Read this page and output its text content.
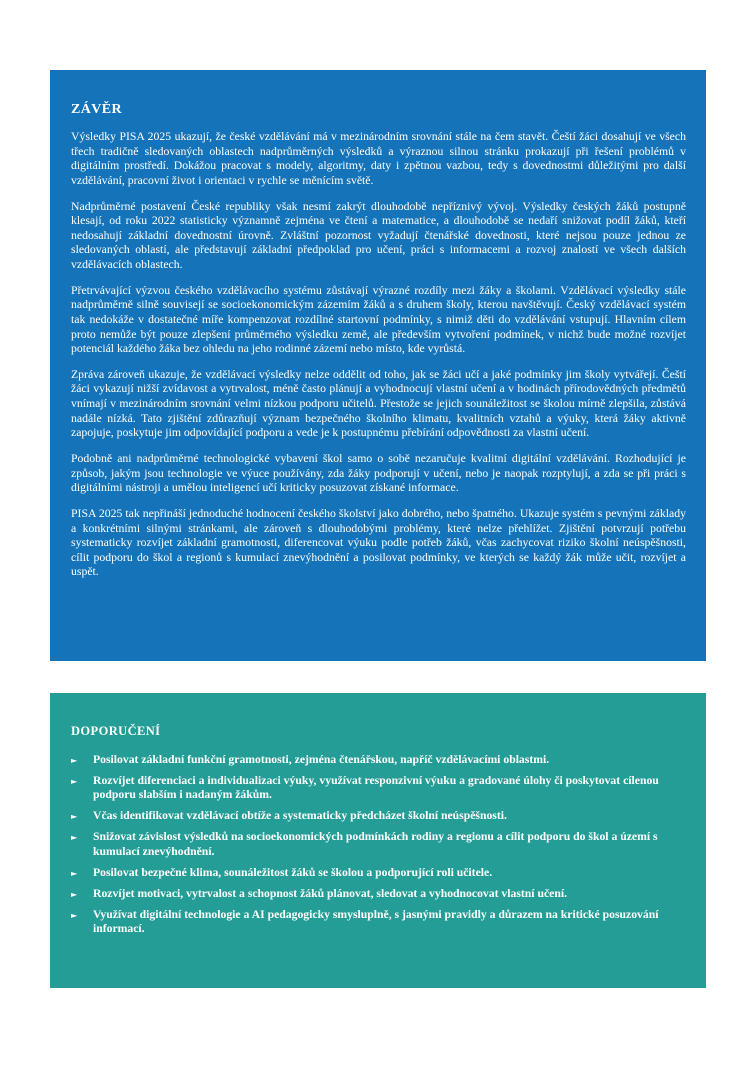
ZÁVĚR

Výsledky PISA 2025 ukazují, že české vzdělávání má v mezinárodním srovnání stále na čem stavět. Čeští žáci dosahují ve všech třech tradičně sledovaných oblastech nadprůměrných výsledků a výraznou silnou stránku prokazují při řešení problémů v digitálním prostředí. Dokážou pracovat s modely, algoritmy, daty i zpětnou vazbou, tedy s dovednostmi důležitými pro další vzdělávání, pracovní život i orientaci v rychle se měnícím světě.

Nadprůměrné postavení České republiky však nesmí zakrýt dlouhodobě nepříznivý vývoj. Výsledky českých žáků postupně klesají, od roku 2022 statisticky významně zejména ve čtení a matematice, a dlouhodobě se nedaří snižovat podíl žáků, kteří nedosahují základní dovednostní úrovně. Zvláštní pozornost vyžadují čtenářské dovednosti, které nejsou pouze jednou ze sledovaných oblastí, ale představují základní předpoklad pro učení, práci s informacemi a rozvoj znalostí ve všech dalších vzdělávacích oblastech.

Přetrvávající výzvou českého vzdělávacího systému zůstávají výrazné rozdíly mezi žáky a školami. Vzdělávací výsledky stále nadprůměrně silně souvisejí se socioekonomickým zázemím žáků a s druhem školy, kterou navštěvují. Český vzdělávací systém tak nedokáže v dostatečné míře kompenzovat rozdílné startovní podmínky, s nimiž děti do vzdělávání vstupují. Hlavním cílem proto nemůže být pouze zlepšení průměrného výsledku země, ale především vytvoření podmínek, v nichž bude možné rozvíjet potenciál každého žáka bez ohledu na jeho rodinné zázemí nebo místo, kde vyrůstá.

Zpráva zároveň ukazuje, že vzdělávací výsledky nelze oddělit od toho, jak se žáci učí a jaké podmínky jim školy vytvářejí. Čeští žáci vykazují nižší zvídavost a vytrvalost, méně často plánují a vyhodnocují vlastní učení a v hodinách přírodovědných předmětů vnímají v mezinárodním srovnání velmi nízkou podporu učitelů. Přestože se jejich sounáležitost se školou mírně zlepšila, zůstává nadále nízká. Tato zjištění zdůrazňují význam bezpečného školního klimatu, kvalitních vztahů a výuky, která žáky aktivně zapojuje, poskytuje jim odpovídající podporu a vede je k postupnému přebírání odpovědnosti za vlastní učení.

Podobně ani nadprůměrné technologické vybavení škol samo o sobě nezaručuje kvalitní digitální vzdělávání. Rozhodující je způsob, jakým jsou technologie ve výuce používány, zda žáky podporují v učení, nebo je naopak rozptylují, a zda se při práci s digitálními nástroji a umělou inteligencí učí kriticky posuzovat získané informace.

PISA 2025 tak nepřináší jednoduché hodnocení českého školství jako dobrého, nebo špatného. Ukazuje systém s pevnými základy a konkrétními silnými stránkami, ale zároveň s dlouhodobými problémy, které nelze přehlížet. Zjištění potvrzují potřebu systematicky rozvíjet základní gramotnosti, diferencovat výuku podle potřeb žáků, včas zachycovat riziko školní neúspěšnosti, cílit podporu do škol a regionů s kumulací znevýhodnění a posilovat podmínky, ve kterých se každý žák může učit, rozvíjet a uspět.

DOPORUČENÍ
► Posilovat základní funkční gramotnosti, zejména čtenářskou, napříč vzdělávacími oblastmi.
► Rozvíjet diferenciaci a individualizaci výuky, využívat responzivní výuku a gradované úlohy či poskytovat cílenou podporu slabším i nadaným žákům.
► Včas identifikovat vzdělávací obtíže a systematicky předcházet školní neúspěšnosti.
► Snižovat závislost výsledků na socioekonomických podmínkách rodiny a regionu a cílit podporu do škol a území s kumulací znevýhodnění.
► Posilovat bezpečné klima, sounáležitost žáků se školou a podporující roli učitele.
► Rozvíjet motivaci, vytrvalost a schopnost žáků plánovat, sledovat a vyhodnocovat vlastní učení.
► Využívat digitální technologie a AI pedagogicky smysluplně, s jasnými pravidly a důrazem na kritické posuzování informací.
